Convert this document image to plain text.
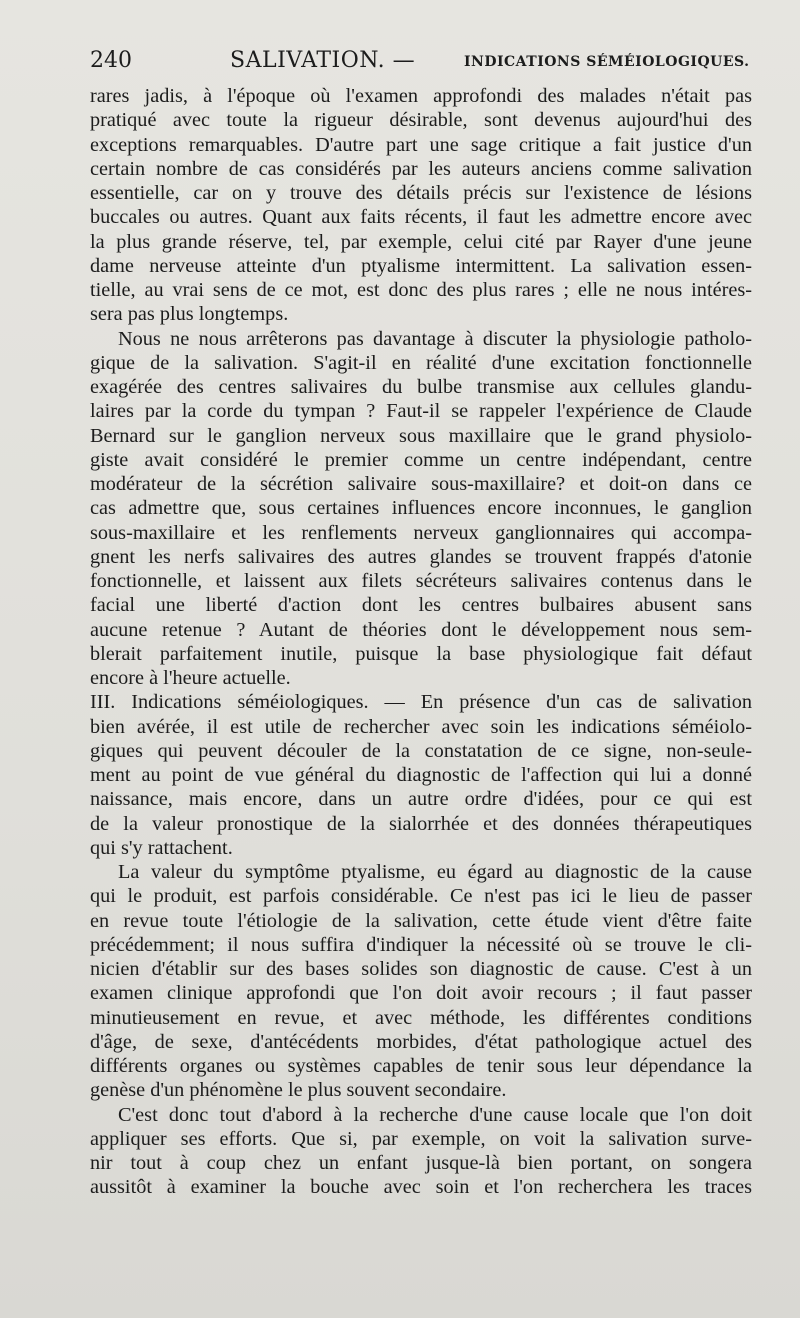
240	SALIVATION. —	INDICATIONS SÉMÉIOLOGIQUES.
rares jadis, à l'époque où l'examen approfondi des malades n'était pas
pratiqué avec toute la rigueur désirable, sont devenus aujourd'hui des
exceptions remarquables. D'autre part une sage critique a fait justice d'un
certain nombre de cas considérés par les auteurs anciens comme salivation
essentielle, car on y trouve des détails précis sur l'existence de lésions
buccales ou autres. Quant aux faits récents, il faut les admettre encore avec
la plus grande réserve, tel, par exemple, celui cité par Rayer d'une jeune
dame nerveuse atteinte d'un ptyalisme intermittent. La salivation essen-
tielle, au vrai sens de ce mot, est donc des plus rares ; elle ne nous intéres-
sera pas plus longtemps.
Nous ne nous arrêterons pas davantage à discuter la physiologie patholo-
gique de la salivation. S'agit-il en réalité d'une excitation fonctionnelle
exagérée des centres salivaires du bulbe transmise aux cellules glandu-
laires par la corde du tympan ? Faut-il se rappeler l'expérience de Claude
Bernard sur le ganglion nerveux sous maxillaire que le grand physiolo-
giste avait considéré le premier comme un centre indépendant, centre
modérateur de la sécrétion salivaire sous-maxillaire? et doit-on dans ce
cas admettre que, sous certaines influences encore inconnues, le ganglion
sous-maxillaire et les renflements nerveux ganglionnaires qui accompa-
gnent les nerfs salivaires des autres glandes se trouvent frappés d'atonie
fonctionnelle, et laissent aux filets sécréteurs salivaires contenus dans le
facial une liberté d'action dont les centres bulbaires abusent sans
aucune retenue ? Autant de théories dont le développement nous sem-
blerait parfaitement inutile, puisque la base physiologique fait défaut
encore à l'heure actuelle.
III. Indications séméiologiques. — En présence d'un cas de salivation
bien avérée, il est utile de rechercher avec soin les indications séméiolo-
giques qui peuvent découler de la constatation de ce signe, non-seule-
ment au point de vue général du diagnostic de l'affection qui lui a donné
naissance, mais encore, dans un autre ordre d'idées, pour ce qui est
de la valeur pronostique de la sialorrhée et des données thérapeutiques
qui s'y rattachent.
La valeur du symptôme ptyalisme, eu égard au diagnostic de la cause
qui le produit, est parfois considérable. Ce n'est pas ici le lieu de passer
en revue toute l'étiologie de la salivation, cette étude vient d'être faite
précédemment; il nous suffira d'indiquer la nécessité où se trouve le cli-
nicien d'établir sur des bases solides son diagnostic de cause. C'est à un
examen clinique approfondi que l'on doit avoir recours ; il faut passer
minutieusement en revue, et avec méthode, les différentes conditions
d'âge, de sexe, d'antécédents morbides, d'état pathologique actuel des
différents organes ou systèmes capables de tenir sous leur dépendance la
genèse d'un phénomène le plus souvent secondaire.
C'est donc tout d'abord à la recherche d'une cause locale que l'on doit
appliquer ses efforts. Que si, par exemple, on voit la salivation surve-
nir tout à coup chez un enfant jusque-là bien portant, on songera
aussitôt à examiner la bouche avec soin et l'on recherchera les traces
